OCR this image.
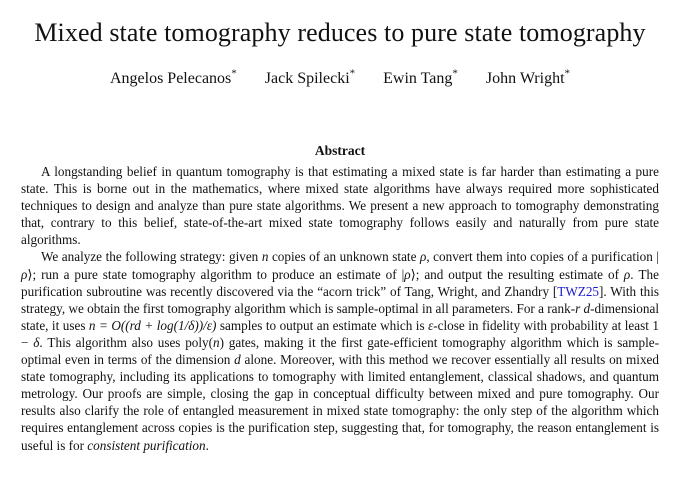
Mixed state tomography reduces to pure state tomography
Angelos Pelecanos* Jack Spilecki* Ewin Tang* John Wright*
Abstract

A longstanding belief in quantum tomography is that estimating a mixed state is far harder than estimating a pure state. This is borne out in the mathematics, where mixed state algorithms have always required more sophisticated techniques to design and analyze than pure state algorithms. We present a new approach to tomography demonstrating that, contrary to this belief, state-of-the-art mixed state tomography follows easily and naturally from pure state algorithms.

We analyze the following strategy: given n copies of an unknown state ρ, convert them into copies of a purification |ρ⟩; run a pure state tomography algorithm to produce an estimate of |ρ⟩; and output the resulting estimate of ρ. The purification subroutine was recently discovered via the “acorn trick” of Tang, Wright, and Zhandry [TWZ25]. With this strategy, we obtain the first tomography algorithm which is sample-optimal in all parameters. For a rank-r d-dimensional state, it uses n = O((rd + log(1/δ))/ε) samples to output an estimate which is ε-close in fidelity with probability at least 1 − δ. This algorithm also uses poly(n) gates, making it the first gate-efficient tomography algorithm which is sample-optimal even in terms of the dimension d alone. Moreover, with this method we recover essentially all results on mixed state tomography, including its applications to tomography with limited entanglement, classical shadows, and quantum metrology. Our proofs are simple, closing the gap in conceptual difficulty between mixed and pure tomography. Our results also clarify the role of entangled measurement in mixed state tomography: the only step of the algorithm which requires entanglement across copies is the purification step, suggesting that, for tomography, the reason entanglement is useful is for consistent purification.
